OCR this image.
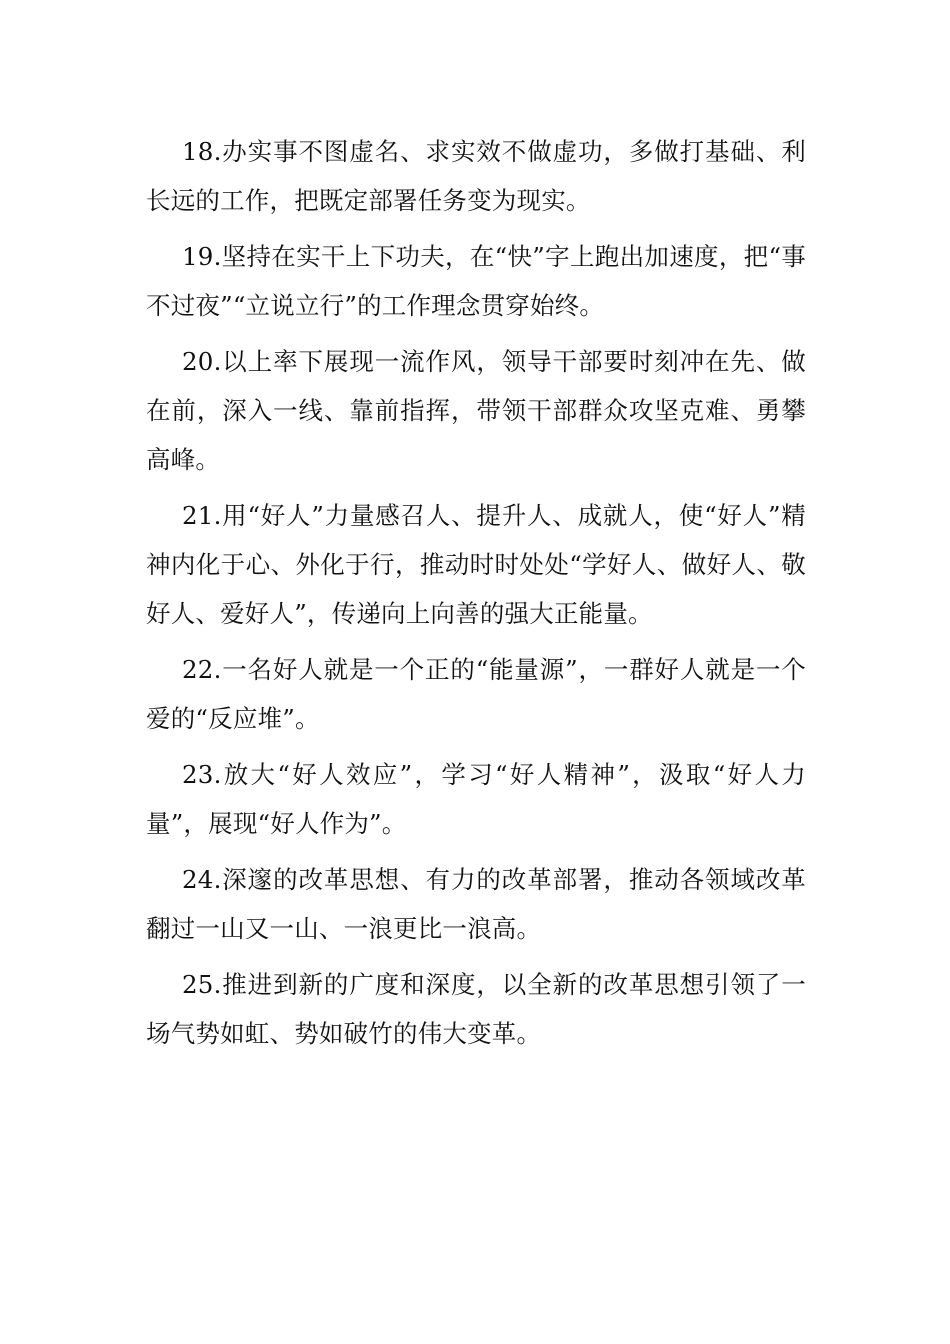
18.办实事不图虚名、求实效不做虚功，多做打基础、利长远的工作，把既定部署任务变为现实。

19.坚持在实干上下功夫，在“快”字上跑出加速度，把“事不过夜”“立说立行”的工作理念贯穿始终。

20.以上率下展现一流作风，领导干部要时刻冲在先、做在前，深入一线、靠前指挥，带领干部群众攻坚克难、勇攀高峰。

21.用“好人”力量感召人、提升人、成就人，使“好人”精神内化于心、外化于行，推动时时处处“学好人、做好人、敬好人、爱好人”，传递向上向善的强大正能量。

22.一名好人就是一个正的“能量源”，一群好人就是一个爱的“反应堆”。

23.放大“好人效应”，学习“好人精神”，汲取“好人力量”，展现“好人作为”。

24.深邃的改革思想、有力的改革部署，推动各领域改革翻过一山又一山、一浪更比一浪高。

25.推进到新的广度和深度，以全新的改革思想引领了一场气势如虹、势如破竹的伟大变革。
